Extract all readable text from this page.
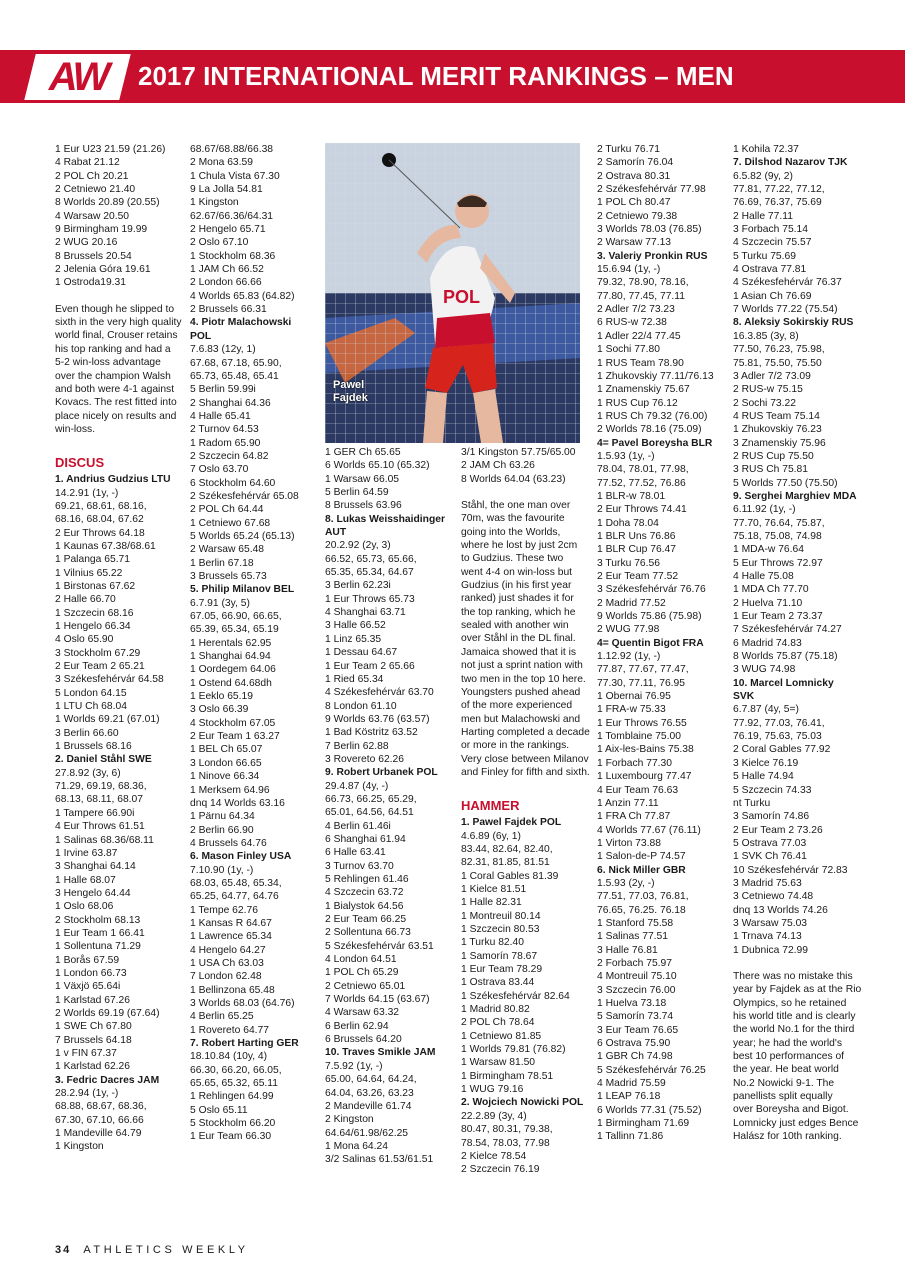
AW	2017 INTERNATIONAL MERIT RANKINGS – MEN

1 Eur U23 21.59 (21.26)

4 Rabat 21.12

2 POL Ch 20.21

2 Cetniewo 21.40

8 Worlds 20.89 (20.55)

4 Warsaw 20.50

9 Birmingham 19.99

2 WUG 20.16

8 Brussels 20.54

2 Jelenia Góra 19.61

1 Ostroda19.31

Even though he slipped to

sixth in the very high quality

world final, Crouser retains

his top ranking and had a

5-2 win-loss advantage

over the champion Walsh

and both were 4-1 against

Kovacs. The rest fitted into

place nicely on results and

win-loss.

DISCUS

1. Andrius Gudzius LTU

14.2.91 (1y, -)

69.21, 68.61, 68.16,

68.16, 68.04, 67.62

2 Eur Throws 64.18

1 Kaunas 67.38/68.61

1 Palanga 65.71

1 Vilnius 65.22

1 Birstonas 67.62

2 Halle 66.70

1 Szczecin 68.16

1 Hengelo 66.34

4 Oslo 65.90

3 Stockholm 67.29

2 Eur Team 2 65.21

3 Székesfehérvár 64.58

5 London 64.15

1 LTU Ch 68.04

1 Worlds 69.21 (67.01)

3 Berlin 66.60

1 Brussels 68.16

2. Daniel Ståhl SWE

27.8.92 (3y, 6)

71.29, 69.19, 68.36,

68.13, 68.11, 68.07

1 Tampere 66.90i

4 Eur Throws 61.51

1 Salinas 68.36/68.11

1 Irvine 63.87

3 Shanghai 64.14

1 Halle 68.07

3 Hengelo 64.44

1 Oslo 68.06

2 Stockholm 68.13

1 Eur Team 1 66.41

1 Sollentuna 71.29

1 Borås 67.59

1 London 66.73

1 Växjö 65.64i

1 Karlstad 67.26

2 Worlds 69.19 (67.64)

1 SWE Ch 67.80

7 Brussels 64.18

1 v FIN 67.37

1 Karlstad 62.26

3. Fedric Dacres JAM

28.2.94 (1y, -)

68.88, 68.67, 68.36,

67.30, 67.10, 66.66

1 Mandeville 64.79

1 Kingston

68.67/68.88/66.38

2 Mona 63.59

1 Chula Vista 67.30

9 La Jolla 54.81

1 Kingston

62.67/66.36/64.31

2 Hengelo 65.71

2 Oslo 67.10

1 Stockholm 68.36

1 JAM Ch 66.52

2 London 66.66

4 Worlds 65.83 (64.82)

2 Brussels 66.31

4. Piotr Malachowski

POL

7.6.83 (12y, 1)

67.68, 67.18, 65.90,

65.73, 65.48, 65.41

5 Berlin 59.99i

2 Shanghai 64.36

4 Halle 65.41

2 Turnov 64.53

1 Radom 65.90

2 Szczecin 64.82

7 Oslo 63.70

6 Stockholm 64.60

2 Székesfehérvár 65.08

2 POL Ch 64.44

1 Cetniewo 67.68

5 Worlds 65.24 (65.13)

2 Warsaw 65.48

1 Berlin 67.18

3 Brussels 65.73

5. Philip Milanov BEL

6.7.91 (3y, 5)

67.05, 66.90, 66.65,

65.39, 65.34, 65.19

1 Herentals 62.95

1 Shanghai 64.94

1 Oordegem 64.06

1 Ostend 64.68dh

1 Eeklo 65.19

3 Oslo 66.39

4 Stockholm 67.05

2 Eur Team 1 63.27

1 BEL Ch 65.07

3 London 66.65

1 Ninove 66.34

1 Merksem 64.96

dnq 14 Worlds 63.16

1 Pärnu 64.34

2 Berlin 66.90

4 Brussels 64.76

6. Mason Finley USA

7.10.90 (1y, -)

68.03, 65.48, 65.34,

65.25, 64.77, 64.76

1 Tempe 62.76

1 Kansas R 64.67

1 Lawrence 65.34

4 Hengelo 64.27

1 USA Ch 63.03

7 London 62.48

1 Bellinzona 65.48

3 Worlds 68.03 (64.76)

4 Berlin 65.25

1 Rovereto 64.77

7. Robert Harting GER

18.10.84 (10y, 4)

66.30, 66.20, 66.05,

65.65, 65.32, 65.11

1 Rehlingen 64.99

5 Oslo 65.11

5 Stockholm 66.20

1 Eur Team 66.30

POL
Pawel
Fajdek

1 GER Ch 65.65

6 Worlds 65.10 (65.32)

1 Warsaw 66.05

5 Berlin 64.59

8 Brussels 63.96

8. Lukas Weisshaidinger

AUT

20.2.92 (2y, 3)

66.52, 65.73, 65.66,

65.35, 65.34, 64.67

3 Berlin 62.23i

1 Eur Throws 65.73

4 Shanghai 63.71

3 Halle 66.52

1 Linz 65.35

1 Dessau 64.67

1 Eur Team 2 65.66

1 Ried 65.34

4 Székesfehérvár 63.70

8 London 61.10

9 Worlds 63.76 (63.57)

1 Bad Köstritz 63.52

7 Berlin 62.88

3 Rovereto 62.26

9. Robert Urbanek POL

29.4.87 (4y, -)

66.73, 66.25, 65.29,

65.01, 64.56, 64.51

4 Berlin 61.46i

6 Shanghai 61.94

6 Halle 63.41

3 Turnov 63.70

5 Rehlingen 61.46

4 Szczecin 63.72

1 Bialystok 64.56

2 Eur Team 66.25

2 Sollentuna 66.73

5 Székesfehérvár 63.51

4 London 64.51

1 POL Ch 65.29

2 Cetniewo 65.01

7 Worlds 64.15 (63.67)

4 Warsaw 63.32

6 Berlin 62.94

6 Brussels 64.20

10. Traves Smikle JAM

7.5.92 (1y, -)

65.00, 64.64, 64.24,

64.04, 63.26, 63.23

2 Mandeville 61.74

2 Kingston

64.64/61.98/62.25

1 Mona 64.24

3/2 Salinas 61.53/61.51

3/1 Kingston 57.75/65.00

2 JAM Ch 63.26

8 Worlds 64.04 (63.23)

Ståhl, the one man over

70m, was the favourite

going into the Worlds,

where he lost by just 2cm

to Gudzius. These two

went 4-4 on win-loss but

Gudzius (in his first year

ranked) just shades it for

the top ranking, which he

sealed with another win

over Ståhl in the DL final.

Jamaica showed that it is

not just a sprint nation with

two men in the top 10 here.

Youngsters pushed ahead

of the more experienced

men but Malachowski and

Harting completed a decade

or more in the rankings.

Very close between Milanov

and Finley for fifth and sixth.

HAMMER

1. Pawel Fajdek POL

4.6.89 (6y, 1)

83.44, 82.64, 82.40,

82.31, 81.85, 81.51

1 Coral Gables 81.39

1 Kielce 81.51

1 Halle 82.31

1 Montreuil 80.14

1 Szczecin 80.53

1 Turku 82.40

1 Samorín 78.67

1 Eur Team 78.29

1 Ostrava 83.44

1 Székesfehérvár 82.64

1 Madrid 80.82

2 POL Ch 78.64

1 Cetniewo 81.85

1 Worlds 79.81 (76.82)

1 Warsaw 81.50

1 Birmingham 78.51

1 WUG 79.16

2. Wojciech Nowicki POL

22.2.89 (3y, 4)

80.47, 80.31, 79.38,

78.54, 78.03, 77.98

2 Kielce 78.54

2 Szczecin 76.19

2 Turku 76.71

2 Samorín 76.04

2 Ostrava 80.31

2 Székesfehérvár 77.98

1 POL Ch 80.47

2 Cetniewo 79.38

3 Worlds 78.03 (76.85)

2 Warsaw 77.13

3. Valeriy Pronkin RUS

15.6.94 (1y, -)

79.32, 78.90, 78.16,

77.80, 77.45, 77.11

2 Adler 7/2 73.23

6 RUS-w 72.38

1 Adler 22/4 77.45

1 Sochi 77.80

1 RUS Team 78.90

1 Zhukovskiy 77.11/76.13

1 Znamenskiy 75.67

1 RUS Cup 76.12

1 RUS Ch 79.32 (76.00)

2 Worlds 78.16 (75.09)

4= Pavel Boreysha BLR

1.5.93 (1y, -)

78.04, 78.01, 77.98,

77.52, 77.52, 76.86

1 BLR-w 78.01

2 Eur Throws 74.41

1 Doha 78.04

1 BLR Uns 76.86

1 BLR Cup 76.47

3 Turku 76.56

2 Eur Team 77.52

3 Székesfehérvár 76.76

2 Madrid 77.52

9 Worlds 75.86 (75.98)

2 WUG 77.98

4= Quentin Bigot FRA

1.12.92 (1y, -)

77.87, 77.67, 77.47,

77.30, 77.11, 76.95

1 Obernai 76.95

1 FRA-w 75.33

1 Eur Throws 76.55

1 Tomblaine 75.00

1 Aix-les-Bains 75.38

1 Forbach 77.30

1 Luxembourg 77.47

4 Eur Team 76.63

1 Anzin 77.11

1 FRA Ch 77.87

4 Worlds 77.67 (76.11)

1 Virton 73.88

1 Salon-de-P 74.57

6. Nick Miller GBR

1.5.93 (2y, -)

77.51, 77.03, 76.81,

76.65, 76.25. 76.18

1 Stanford 75.58

1 Salinas 77.51

3 Halle 76.81

2 Forbach 75.97

4 Montreuil 75.10

3 Szczecin 76.00

1 Huelva 73.18

5 Samorín 73.74

3 Eur Team 76.65

6 Ostrava 75.90

1 GBR Ch 74.98

5 Székesfehérvár 76.25

4 Madrid 75.59

1 LEAP 76.18

6 Worlds 77.31 (75.52)

1 Birmingham 71.69

1 Tallinn 71.86

1 Kohila 72.37

7. Dilshod Nazarov TJK

6.5.82 (9y, 2)

77.81, 77.22, 77.12,

76.69, 76.37, 75.69

2 Halle 77.11

3 Forbach 75.14

4 Szczecin 75.57

5 Turku 75.69

4 Ostrava 77.81

4 Székesfehérvár 76.37

1 Asian Ch 76.69

7 Worlds 77.22 (75.54)

8. Aleksiy Sokirskiy RUS

16.3.85 (3y, 8)

77.50, 76.23, 75.98,

75.81, 75.50, 75.50

3 Adler 7/2 73.09

2 RUS-w 75.15

2 Sochi 73.22

4 RUS Team 75.14

1 Zhukovskiy 76.23

3 Znamenskiy 75.96

2 RUS Cup 75.50

3 RUS Ch 75.81

5 Worlds 77.50 (75.50)

9. Serghei Marghiev MDA

6.11.92 (1y, -)

77.70, 76.64, 75.87,

75.18, 75.08, 74.98

1 MDA-w 76.64

5 Eur Throws 72.97

4 Halle 75.08

1 MDA Ch 77.70

2 Huelva 71.10

1 Eur Team 2 73.37

7 Székesfehérvár 74.27

6 Madrid 74.83

8 Worlds 75.87 (75.18)

3 WUG 74.98

10. Marcel Lomnicky

SVK

6.7.87 (4y, 5=)

77.92, 77.03, 76.41,

76.19, 75.63, 75.03

2 Coral Gables 77.92

3 Kielce 76.19

5 Halle 74.94

5 Szczecin 74.33

nt Turku

3 Samorín 74.86

2 Eur Team 2 73.26

5 Ostrava 77.03

1 SVK Ch 76.41

10 Székesfehérvár 72.83

3 Madrid 75.63

3 Cetniewo 74.48

dnq 13 Worlds 74.26

3 Warsaw 75.03

1 Trnava 74.13

1 Dubnica 72.99

There was no mistake this

year by Fajdek as at the Rio

Olympics, so he retained

his world title and is clearly

the world No.1 for the third

year; he had the world's

best 10 performances of

the year. He beat world

No.2 Nowicki 9-1. The

panellists split equally

over Boreysha and Bigot.

Lomnicky just edges Bence

Halász for 10th ranking.

34 ATHLETICS WEEKLY
